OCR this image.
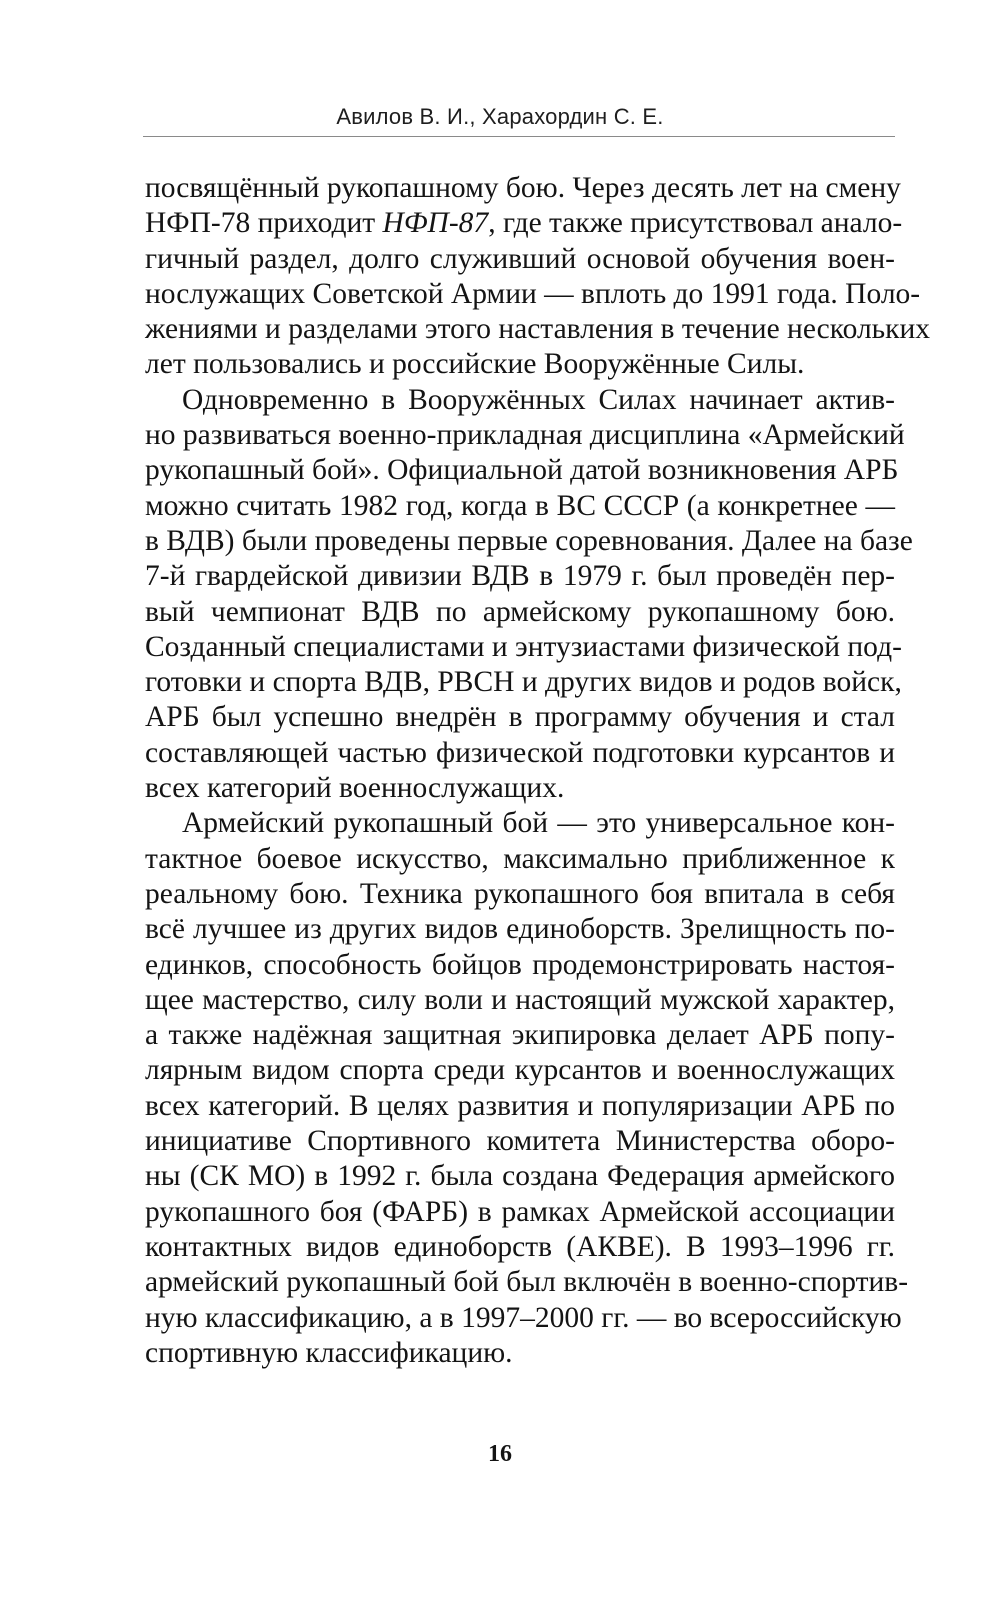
Авилов В. И., Харахордин С. Е.
посвящённый рукопашному бою. Через десять лет на смену
НФП-78 приходит НФП-87, где также присутствовал анало-
гичный раздел, долго служивший основой обучения воен-
нослужащих Советской Армии — вплоть до 1991 года. Поло-
жениями и разделами этого наставления в течение нескольких
лет пользовались и российские Вооружённые Силы.
Одновременно в Вооружённых Силах начинает актив-
но развиваться военно-прикладная дисциплина «Армейский
рукопашный бой». Официальной датой возникновения АРБ
можно считать 1982 год, когда в ВС СССР (а конкретнее —
в ВДВ) были проведены первые соревнования. Далее на базе
7-й гвардейской дивизии ВДВ в 1979 г. был проведён пер-
вый чемпионат ВДВ по армейскому рукопашному бою.
Созданный специалистами и энтузиастами физической под-
готовки и спорта ВДВ, РВСН и других видов и родов войск,
АРБ был успешно внедрён в программу обучения и стал
составляющей частью физической подготовки курсантов и
всех категорий военнослужащих.
Армейский рукопашный бой — это универсальное кон-
тактное боевое искусство, максимально приближенное к
реальному бою. Техника рукопашного боя впитала в себя
всё лучшее из других видов единоборств. Зрелищность по-
единков, способность бойцов продемонстрировать настоя-
щее мастерство, силу воли и настоящий мужской характер,
а также надёжная защитная экипировка делает АРБ попу-
лярным видом спорта среди курсантов и военнослужащих
всех категорий. В целях развития и популяризации АРБ по
инициативе Спортивного комитета Министерства оборо-
ны (СК МО) в 1992 г. была создана Федерация армейского
рукопашного боя (ФАРБ) в рамках Армейской ассоциации
контактных видов единоборств (АКВЕ). В 1993–1996 гг.
армейский рукопашный бой был включён в военно-спортив-
ную классификацию, а в 1997–2000 гг. — во всероссийскую
спортивную классификацию.
16
